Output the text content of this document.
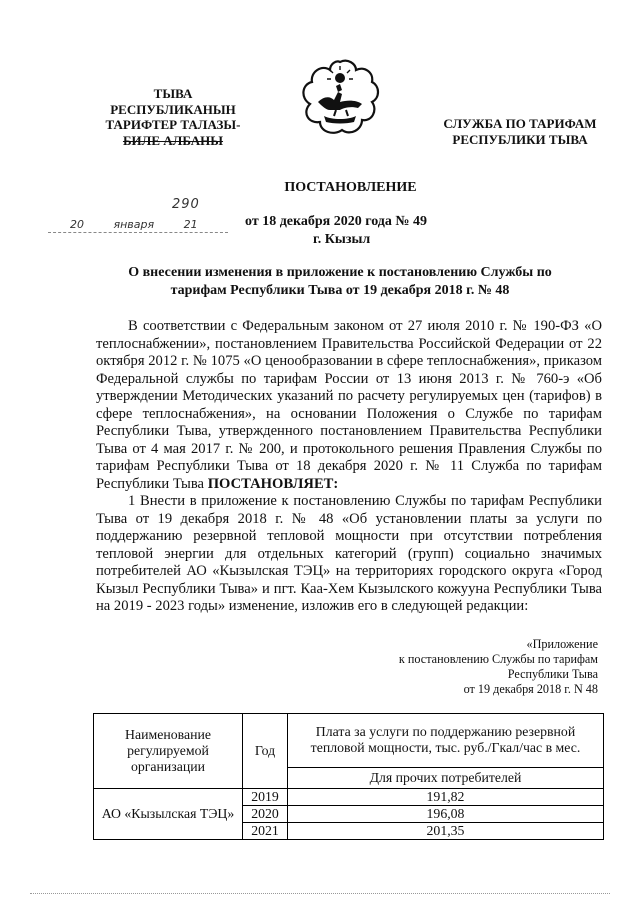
ТЫВА
РЕСПУБЛИКАНЫН
ТАРИФТЕР ТАЛАЗЫ-
БИЛЕ АЛБАНЫ
СЛУЖБА ПО ТАРИФАМ
РЕСПУБЛИКИ ТЫВА
ПОСТАНОВЛЕНИЕ
290
20	января	21	от 18 декабря 2020 года № 49
г. Кызыл
О внесении изменения в приложение к постановлению Службы по тарифам Республики Тыва от 19 декабря 2018 г. № 48

В соответствии с Федеральным законом от 27 июля 2010 г. № 190-ФЗ «О теплоснабжении», постановлением Правительства Российской Федерации от 22 октября 2012 г. № 1075 «О ценообразовании в сфере теплоснабжения», приказом Федеральной службы по тарифам России от 13 июня 2013 г. № 760-э «Об утверждении Методических указаний по расчету регулируемых цен (тарифов) в сфере теплоснабжения», на основании Положения о Службе по тарифам Республики Тыва, утвержденного постановлением Правительства Республики Тыва от 4 мая 2017 г. № 200, и протокольного решения Правления Службы по тарифам Республики Тыва от 18 декабря 2020 г. № 11 Служба по тарифам Республики Тыва ПОСТАНОВЛЯЕТ:

1 Внести в приложение к постановлению Службы по тарифам Республики Тыва от 19 декабря 2018 г. № 48 «Об установлении платы за услуги по поддержанию резервной тепловой мощности при отсутствии потребления тепловой энергии для отдельных категорий (групп) социально значимых потребителей АО «Кызылская ТЭЦ» на территориях городского округа «Город Кызыл Республики Тыва» и пгт. Каа-Хем Кызылского кожууна Республики Тыва на 2019 - 2023 годы» изменение, изложив его в следующей редакции:

«Приложение
к постановлению Службы по тарифам
Республики Тыва
от 19 декабря 2018 г. N 48
Наименование регулируемой организации	Год	Плата за услуги по поддержанию резервной тепловой мощности, тыс. руб./Гкал/час в мес.
		Для прочих потребителей
АО «Кызылская ТЭЦ»	2019	191,82
	2020	196,08
	2021	201,35
